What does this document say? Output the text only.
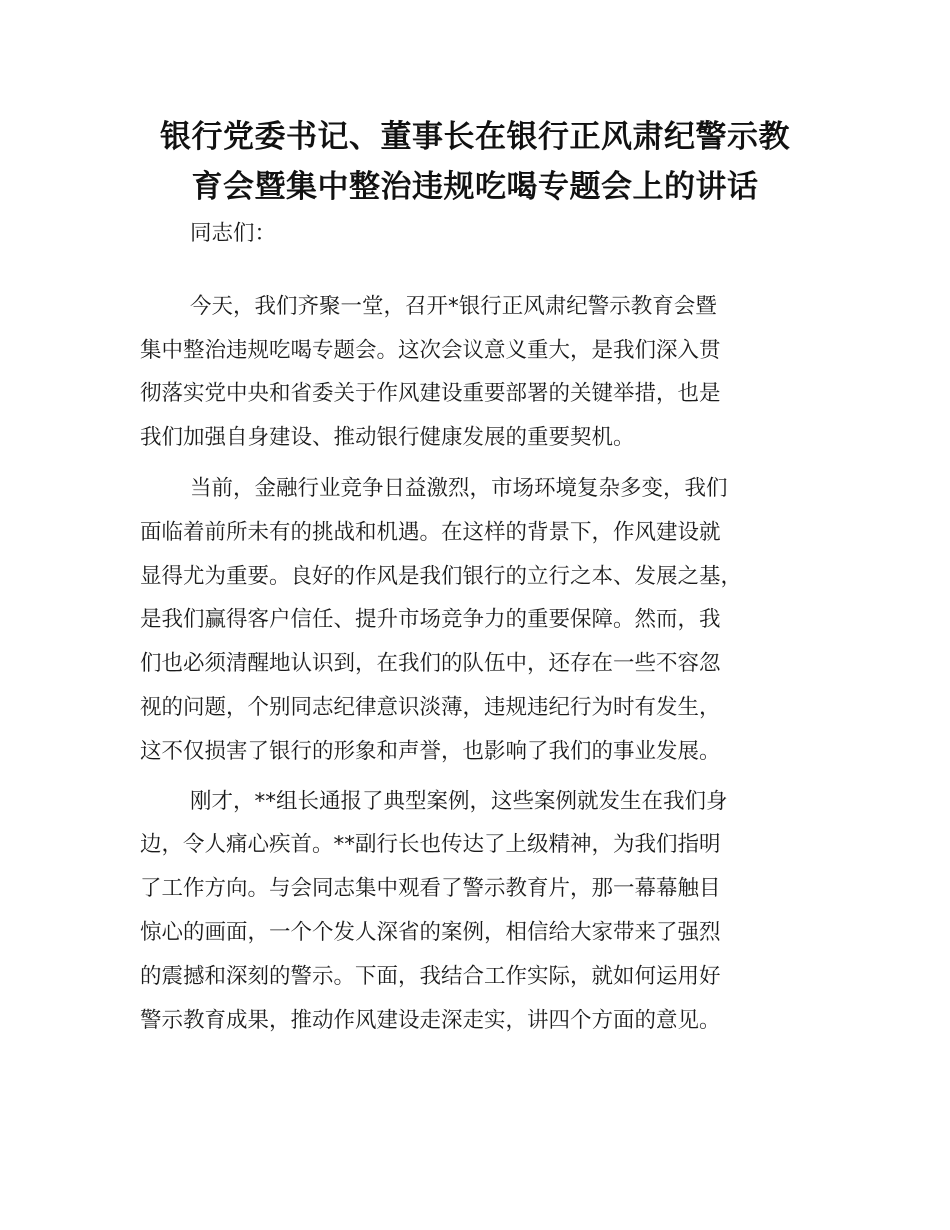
银行党委书记、董事长在银行正风肃纪警示教
育会暨集中整治违规吃喝专题会上的讲话

同志们：

今天，我们齐聚一堂，召开*银行正风肃纪警示教育会暨
集中整治违规吃喝专题会。这次会议意义重大，是我们深入贯
彻落实党中央和省委关于作风建设重要部署的关键举措，也是
我们加强自身建设、推动银行健康发展的重要契机。

当前，金融行业竞争日益激烈，市场环境复杂多变，我们
面临着前所未有的挑战和机遇。在这样的背景下，作风建设就
显得尤为重要。良好的作风是我们银行的立行之本、发展之基，
是我们赢得客户信任、提升市场竞争力的重要保障。然而，我
们也必须清醒地认识到，在我们的队伍中，还存在一些不容忽
视的问题，个别同志纪律意识淡薄，违规违纪行为时有发生，
这不仅损害了银行的形象和声誉，也影响了我们的事业发展。

刚才，**组长通报了典型案例，这些案例就发生在我们身
边，令人痛心疾首。**副行长也传达了上级精神，为我们指明
了工作方向。与会同志集中观看了警示教育片，那一幕幕触目
惊心的画面，一个个发人深省的案例，相信给大家带来了强烈
的震撼和深刻的警示。下面，我结合工作实际，就如何运用好
警示教育成果，推动作风建设走深走实，讲四个方面的意见。
